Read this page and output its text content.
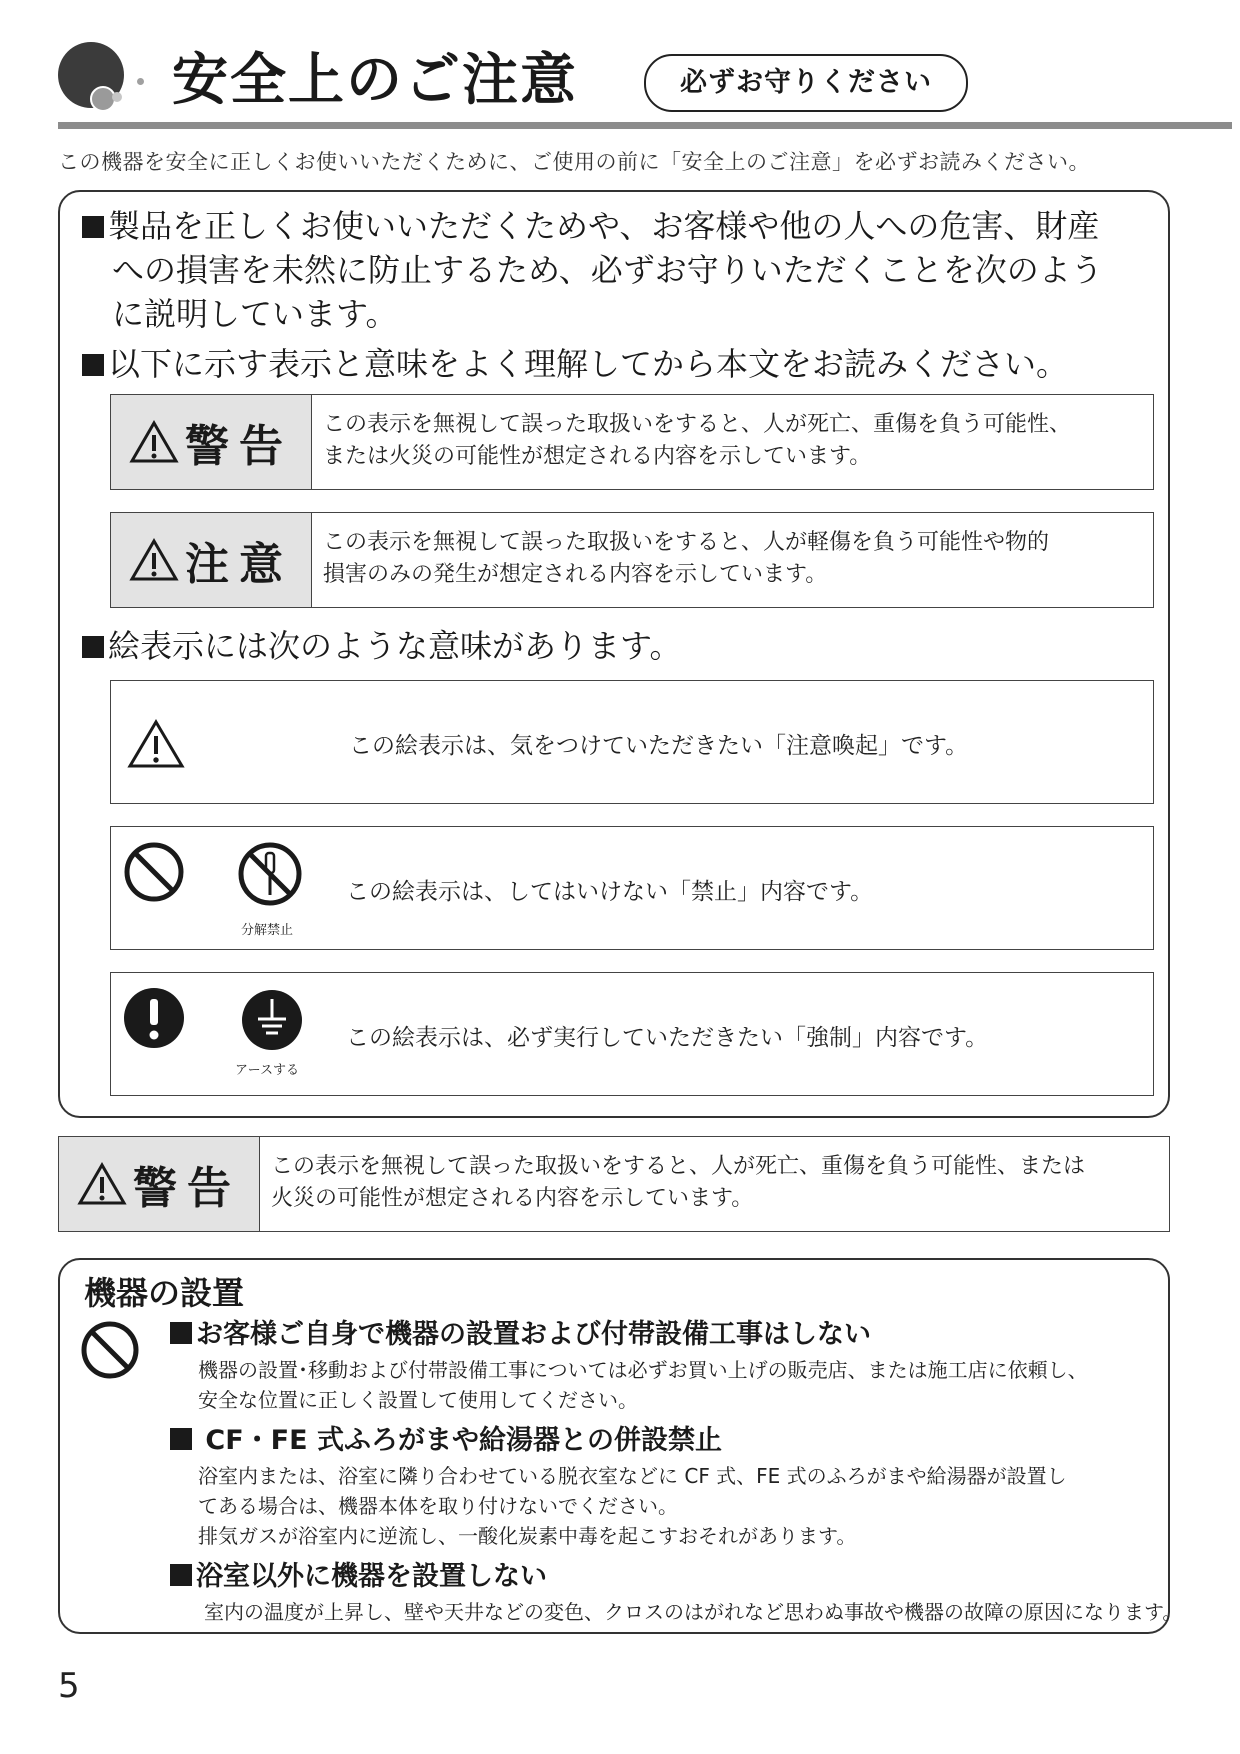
安全上のご注意	必ずお守りください
この機器を安全に正しくお使いいただくために、ご使用の前に「安全上のご注意」を必ずお読みください。
製品を正しくお使いいただくためや、お客様や他の人への危害、財産
への損害を未然に防止するため、必ずお守りいただくことを次のよう
に説明しています。
以下に示す表示と意味をよく理解してから本文をお読みください。
警告 この表示を無視して誤った取扱いをすると、人が死亡、重傷を負う可能性、
または火災の可能性が想定される内容を示しています。
注意 この表示を無視して誤った取扱いをすると、人が軽傷を負う可能性や物的
損害のみの発生が想定される内容を示しています。
絵表示には次のような意味があります。
この絵表示は、気をつけていただきたい「注意喚起」です。
分解禁止
この絵表示は、してはいけない「禁止」内容です。
アースする
この絵表示は、必ず実行していただきたい「強制」内容です。
警告 この表示を無視して誤った取扱いをすると、人が死亡、重傷を負う可能性、または
火災の可能性が想定される内容を示しています。
機器の設置
お客様ご自身で機器の設置および付帯設備工事はしない
機器の設置･移動および付帯設備工事については必ずお買い上げの販売店、または施工店に依頼し、
安全な位置に正しく設置して使用してください。
CF・FE 式ふろがまや給湯器との併設禁止
浴室内または、浴室に隣り合わせている脱衣室などに CF 式、FE 式のふろがまや給湯器が設置し
てある場合は、機器本体を取り付けないでください。
排気ガスが浴室内に逆流し、一酸化炭素中毒を起こすおそれがあります。
浴室以外に機器を設置しない
室内の温度が上昇し、壁や天井などの変色、クロスのはがれなど思わぬ事故や機器の故障の原因になります。
5
